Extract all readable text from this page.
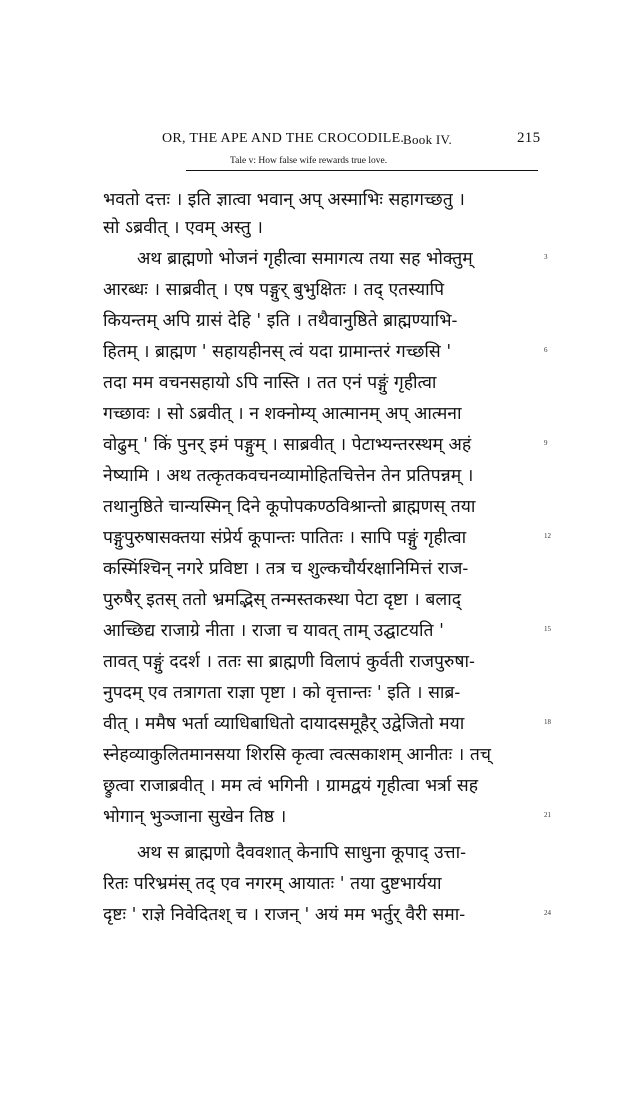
OR, THE APE AND THE CROCODILE.
Book IV.	215
Tale v: How false wife rewards true love.
भवतो दत्तः । इति ज्ञात्वा भवान् अप् अस्माभिः सहागच्छतु ।
सो ऽब्रवीत् । एवम् अस्तु ।
अथ ब्राह्मणो भोजनं गृहीत्वा समागत्य तया सह भोक्तुम्
आरब्धः । साब्रवीत् । एष पङ्गुर् बुभुक्षितः । तद् एतस्यापि
कियन्तम् अपि ग्रासं देहि ' इति । तथैवानुष्ठिते ब्राह्मण्याभि-
हितम् । ब्राह्मण ' सहायहीनस् त्वं यदा ग्रामान्तरं गच्छसि '
तदा मम वचनसहायो ऽपि नास्ति । तत एनं पङ्गुं गृहीत्वा
गच्छावः । सो ऽब्रवीत् । न शक्नोम्य् आत्मानम् अप् आत्मना
वोढुम् ' किं पुनर् इमं पङ्गुम् । साब्रवीत् । पेटाभ्यन्तरस्थम् अहं
नेष्यामि । अथ तत्कृतकवचनव्यामोहितचित्तेन तेन प्रतिपन्नम् ।
तथानुष्ठिते चान्यस्मिन् दिने कूपोपकण्ठविश्रान्तो ब्राह्मणस् तया
पङ्गुपुरुषासक्तया संप्रेर्य कूपान्तः पातितः । सापि पङ्गुं गृहीत्वा
कस्मिंश्चिन् नगरे प्रविष्टा । तत्र च शुल्कचौर्यरक्षानिमित्तं राज-
पुरुषैर् इतस् ततो भ्रमद्भिस् तन्मस्तकस्था पेटा दृष्टा । बलाद्
आच्छिद्य राजाग्रे नीता । राजा च यावत् ताम् उद्घाटयति '
तावत् पङ्गुं ददर्श । ततः सा ब्राह्मणी विलापं कुर्वती राजपुरुषा-
नुपदम् एव तत्रागता राज्ञा पृष्टा । को वृत्तान्तः ' इति । साब्र-
वीत् । ममैष भर्ता व्याधिबाधितो दायादसमूहैर् उद्वेजितो मया
स्नेहव्याकुलितमानसया शिरसि कृत्वा त्वत्सकाशम् आनीतः । तच्
छ्रुत्वा राजाब्रवीत् । मम त्वं भगिनी । ग्रामद्वयं गृहीत्वा भर्त्रा सह
भोगान् भुञ्जाना सुखेन तिष्ठ ।
अथ स ब्राह्मणो दैववशात् केनापि साधुना कूपाद् उत्ता-
रितः परिभ्रमंस् तद् एव नगरम् आयातः ' तया दुष्टभार्यया
दृष्टः ' राज्ञे निवेदितश् च । राजन् ' अयं मम भर्तुर् वैरी समा-
3
6
9
12
15
18
21
24
